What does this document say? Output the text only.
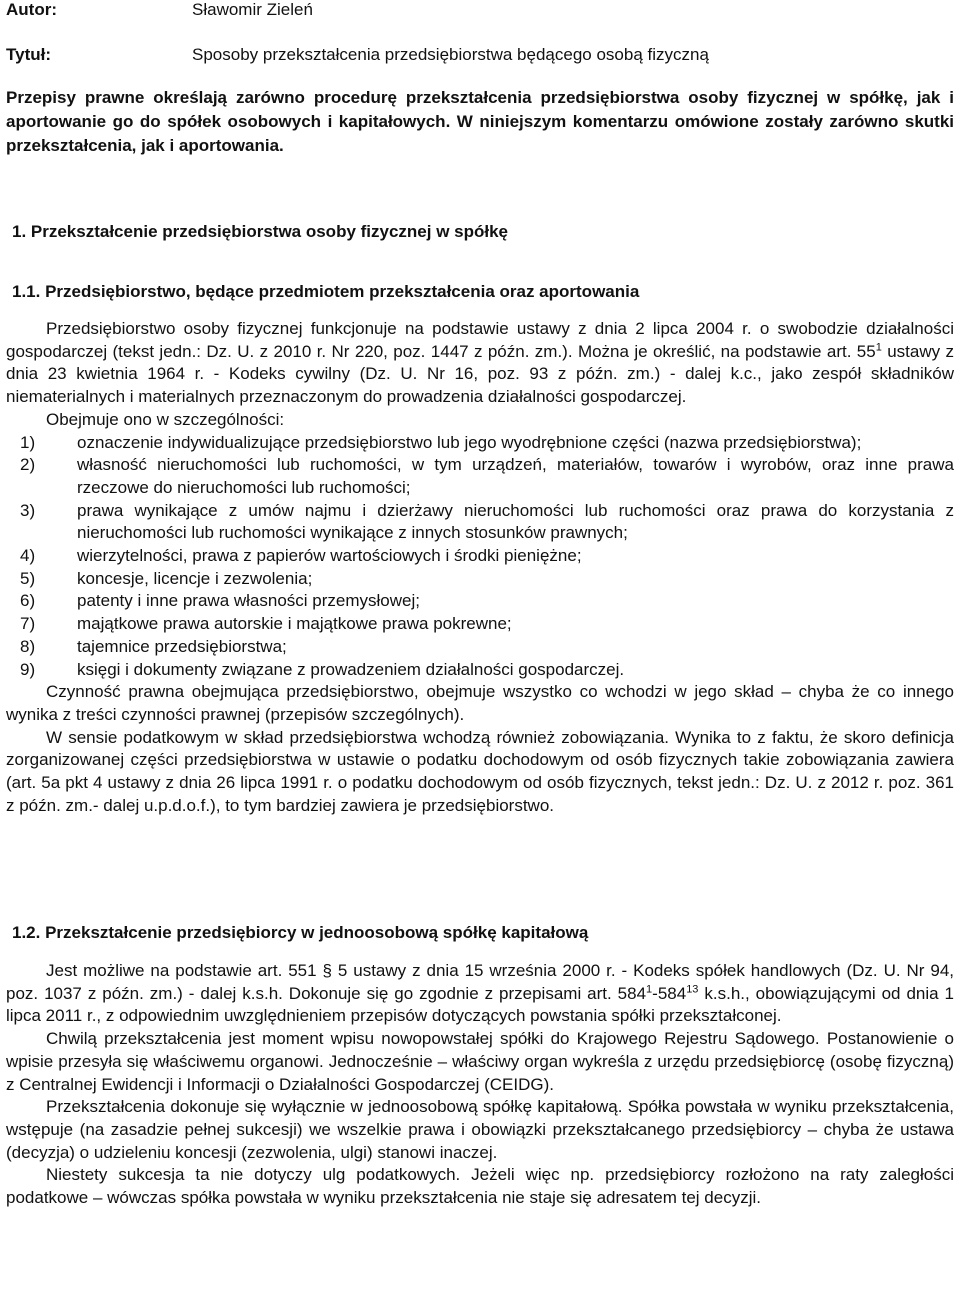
Autor:	Sławomir Zieleń
Tytuł:	Sposoby przekształcenia przedsiębiorstwa będącego osobą fizyczną
Przepisy prawne określają zarówno procedurę przekształcenia przedsiębiorstwa osoby fizycznej w spółkę, jak i aportowanie go do spółek osobowych i kapitałowych. W niniejszym komentarzu omówione zostały zarówno skutki przekształcenia, jak i aportowania.
1. Przekształcenie przedsiębiorstwa osoby fizycznej w spółkę
1.1. Przedsiębiorstwo, będące przedmiotem przekształcenia oraz aportowania

Przedsiębiorstwo osoby fizycznej funkcjonuje na podstawie ustawy z dnia 2 lipca 2004 r. o swobodzie działalności gospodarczej (tekst jedn.: Dz. U. z 2010 r. Nr 220, poz. 1447 z późn. zm.). Można je określić, na podstawie art. $55^1$ ustawy z dnia 23 kwietnia 1964 r. - Kodeks cywilny (Dz. U. Nr 16, poz. 93 z późn. zm.) - dalej k.c., jako zespół składników niematerialnych i materialnych przeznaczonym do prowadzenia działalności gospodarczej.

Obejmuje ono w szczególności:

1) oznaczenie indywidualizujące przedsiębiorstwo lub jego wyodrębnione części (nazwa przedsiębiorstwa);
2) własność nieruchomości lub ruchomości, w tym urządzeń, materiałów, towarów i wyrobów, oraz inne prawa rzeczowe do nieruchomości lub ruchomości;
3) prawa wynikające z umów najmu i dzierżawy nieruchomości lub ruchomości oraz prawa do korzystania z nieruchomości lub ruchomości wynikające z innych stosunków prawnych;
4) wierzytelności, prawa z papierów wartościowych i środki pieniężne;
5) koncesje, licencje i zezwolenia;
6) patenty i inne prawa własności przemysłowej;
7) majątkowe prawa autorskie i majątkowe prawa pokrewne;
8) tajemnice przedsiębiorstwa;
9) księgi i dokumenty związane z prowadzeniem działalności gospodarczej.

Czynność prawna obejmująca przedsiębiorstwo, obejmuje wszystko co wchodzi w jego skład – chyba że co innego wynika z treści czynności prawnej (przepisów szczególnych).

W sensie podatkowym w skład przedsiębiorstwa wchodzą również zobowiązania. Wynika to z faktu, że skoro definicja zorganizowanej części przedsiębiorstwa w ustawie o podatku dochodowym od osób fizycznych takie zobowiązania zawiera (art. 5a pkt 4 ustawy z dnia 26 lipca 1991 r. o podatku dochodowym od osób fizycznych, tekst jedn.: Dz. U. z 2012 r. poz. 361 z późn. zm.- dalej u.p.d.o.f.), to tym bardziej zawiera je przedsiębiorstwo.

1.2. Przekształcenie przedsiębiorcy w jednoosobową spółkę kapitałową

Jest możliwe na podstawie art. 551 § 5 ustawy z dnia 15 września 2000 r. - Kodeks spółek handlowych (Dz. U. Nr 94, poz. 1037 z późn. zm.) - dalej k.s.h. Dokonuje się go zgodnie z przepisami art. $584^1-584^{13}$ k.s.h., obowiązującymi od dnia 1 lipca 2011 r., z odpowiednim uwzględnieniem przepisów dotyczących powstania spółki przekształconej.

Chwilą przekształcenia jest moment wpisu nowopowstałej spółki do Krajowego Rejestru Sądowego. Postanowienie o wpisie przesyła się właściwemu organowi. Jednocześnie – właściwy organ wykreśla z urzędu przedsiębiorcę (osobę fizyczną) z Centralnej Ewidencji i Informacji o Działalności Gospodarczej (CEIDG).

Przekształcenia dokonuje się wyłącznie w jednoosobową spółkę kapitałową. Spółka powstała w wyniku przekształcenia, wstępuje (na zasadzie pełnej sukcesji) we wszelkie prawa i obowiązki przekształcanego przedsiębiorcy – chyba że ustawa (decyzja) o udzieleniu koncesji (zezwolenia, ulgi) stanowi inaczej.

Niestety sukcesja ta nie dotyczy ulg podatkowych. Jeżeli więc np. przedsiębiorcy rozłożono na raty zaległości podatkowe – wówczas spółka powstała w wyniku przekształcenia nie staje się adresatem tej decyzji.
